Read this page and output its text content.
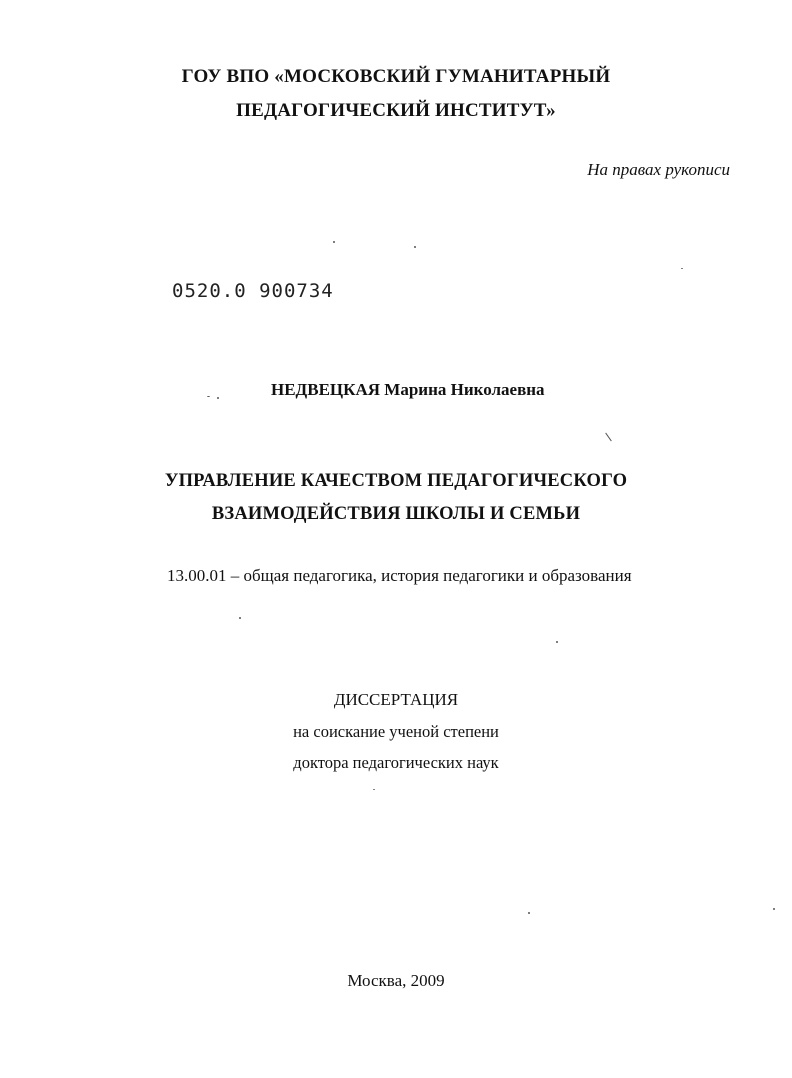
ГОУ ВПО «МОСКОВСКИЙ ГУМАНИТАРНЫЙ
ПЕДАГОГИЧЕСКИЙ ИНСТИТУТ»
На правах рукописи
0520.0 900734
НЕДВЕЦКАЯ Марина Николаевна
УПРАВЛЕНИЕ КАЧЕСТВОМ ПЕДАГОГИЧЕСКОГО
ВЗАИМОДЕЙСТВИЯ ШКОЛЫ И СЕМЬИ
13.00.01 – общая педагогика, история педагогики и образования
ДИССЕРТАЦИЯ
на соискание ученой степени
доктора педагогических наук
Москва, 2009
